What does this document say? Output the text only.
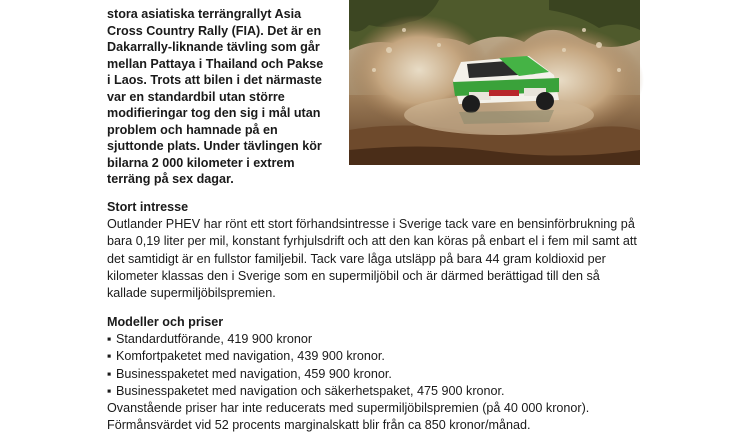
stora asiatiska terrängrallyt Asia
Cross Country Rally (FIA). Det är en
Dakarrally-liknande tävling som går
mellan Pattaya i Thailand och Pakse
i Laos. Trots att bilen i det närmaste
var en standardbil utan större
modifieringar tog den sig i mål utan
problem och hamnade på en
sjuttonde plats. Under tävlingen kör
bilarna 2 000 kilometer i extrem
terräng på sex dagar.
Stort intresse
Outlander PHEV har rönt ett stort förhandsintresse i Sverige tack vare en bensinförbrukning på
bara 0,19 liter per mil, konstant fyrhjulsdrift och att den kan köras på enbart el i fem mil samt att
det samtidigt är en fullstor familjebil. Tack vare låga utsläpp på bara 44 gram koldioxid per
kilometer klassas den i Sverige som en supermiljöbil och är därmed berättigad till den så
kallade supermiljöbilspremien.
Modeller och priser
▪ Standardutförande, 419 900 kronor
▪ Komfortpaketet med navigation, 439 900 kronor.
▪ Businesspaketet med navigation, 459 900 kronor.
▪ Businesspaketet med navigation och säkerhetspaket, 475 900 kronor.
Ovanstående priser har inte reducerats med supermiljöbilspremien (på 40 000 kronor).
Förmånsvärdet vid 52 procents marginalskatt blir från ca 850 kronor/månad.
